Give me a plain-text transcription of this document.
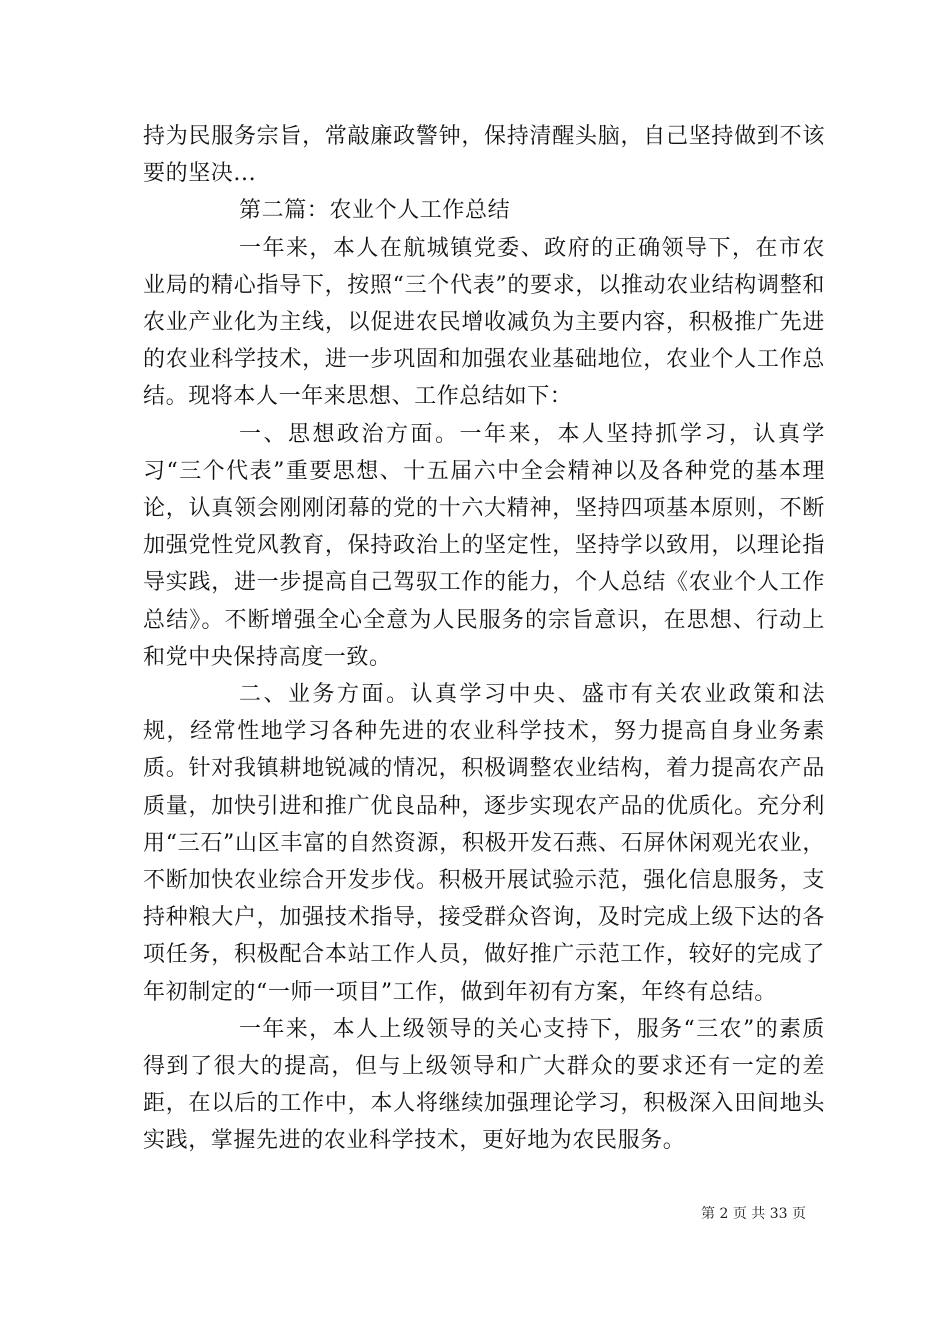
持为民服务宗旨，常敲廉政警钟，保持清醒头脑，自己坚持做到不该要的坚决...

第二篇：农业个人工作总结

一年来，本人在航城镇党委、政府的正确领导下，在市农业局的精心指导下，按照“三个代表”的要求，以推动农业结构调整和农业产业化为主线，以促进农民增收减负为主要内容，积极推广先进的农业科学技术，进一步巩固和加强农业基础地位，农业个人工作总结。现将本人一年来思想、工作总结如下：

一、思想政治方面。一年来，本人坚持抓学习，认真学习“三个代表”重要思想、十五届六中全会精神以及各种党的基本理论，认真领会刚刚闭幕的党的十六大精神，坚持四项基本原则，不断加强党性党风教育，保持政治上的坚定性，坚持学以致用，以理论指导实践，进一步提高自己驾驭工作的能力，个人总结《农业个人工作总结》。不断增强全心全意为人民服务的宗旨意识，在思想、行动上和党中央保持高度一致。

二、业务方面。认真学习中央、盛市有关农业政策和法规，经常性地学习各种先进的农业科学技术，努力提高自身业务素质。针对我镇耕地锐减的情况，积极调整农业结构，着力提高农产品质量，加快引进和推广优良品种，逐步实现农产品的优质化。充分利用“三石”山区丰富的自然资源，积极开发石燕、石屏休闲观光农业，不断加快农业综合开发步伐。积极开展试验示范，强化信息服务，支持种粮大户，加强技术指导，接受群众咨询，及时完成上级下达的各项任务，积极配合本站工作人员，做好推广示范工作，较好的完成了年初制定的“一师一项目”工作，做到年初有方案，年终有总结。

一年来，本人上级领导的关心支持下，服务“三农”的素质得到了很大的提高，但与上级领导和广大群众的要求还有一定的差距，在以后的工作中，本人将继续加强理论学习，积极深入田间地头实践，掌握先进的农业科学技术，更好地为农民服务。

第 2 页 共 33 页
